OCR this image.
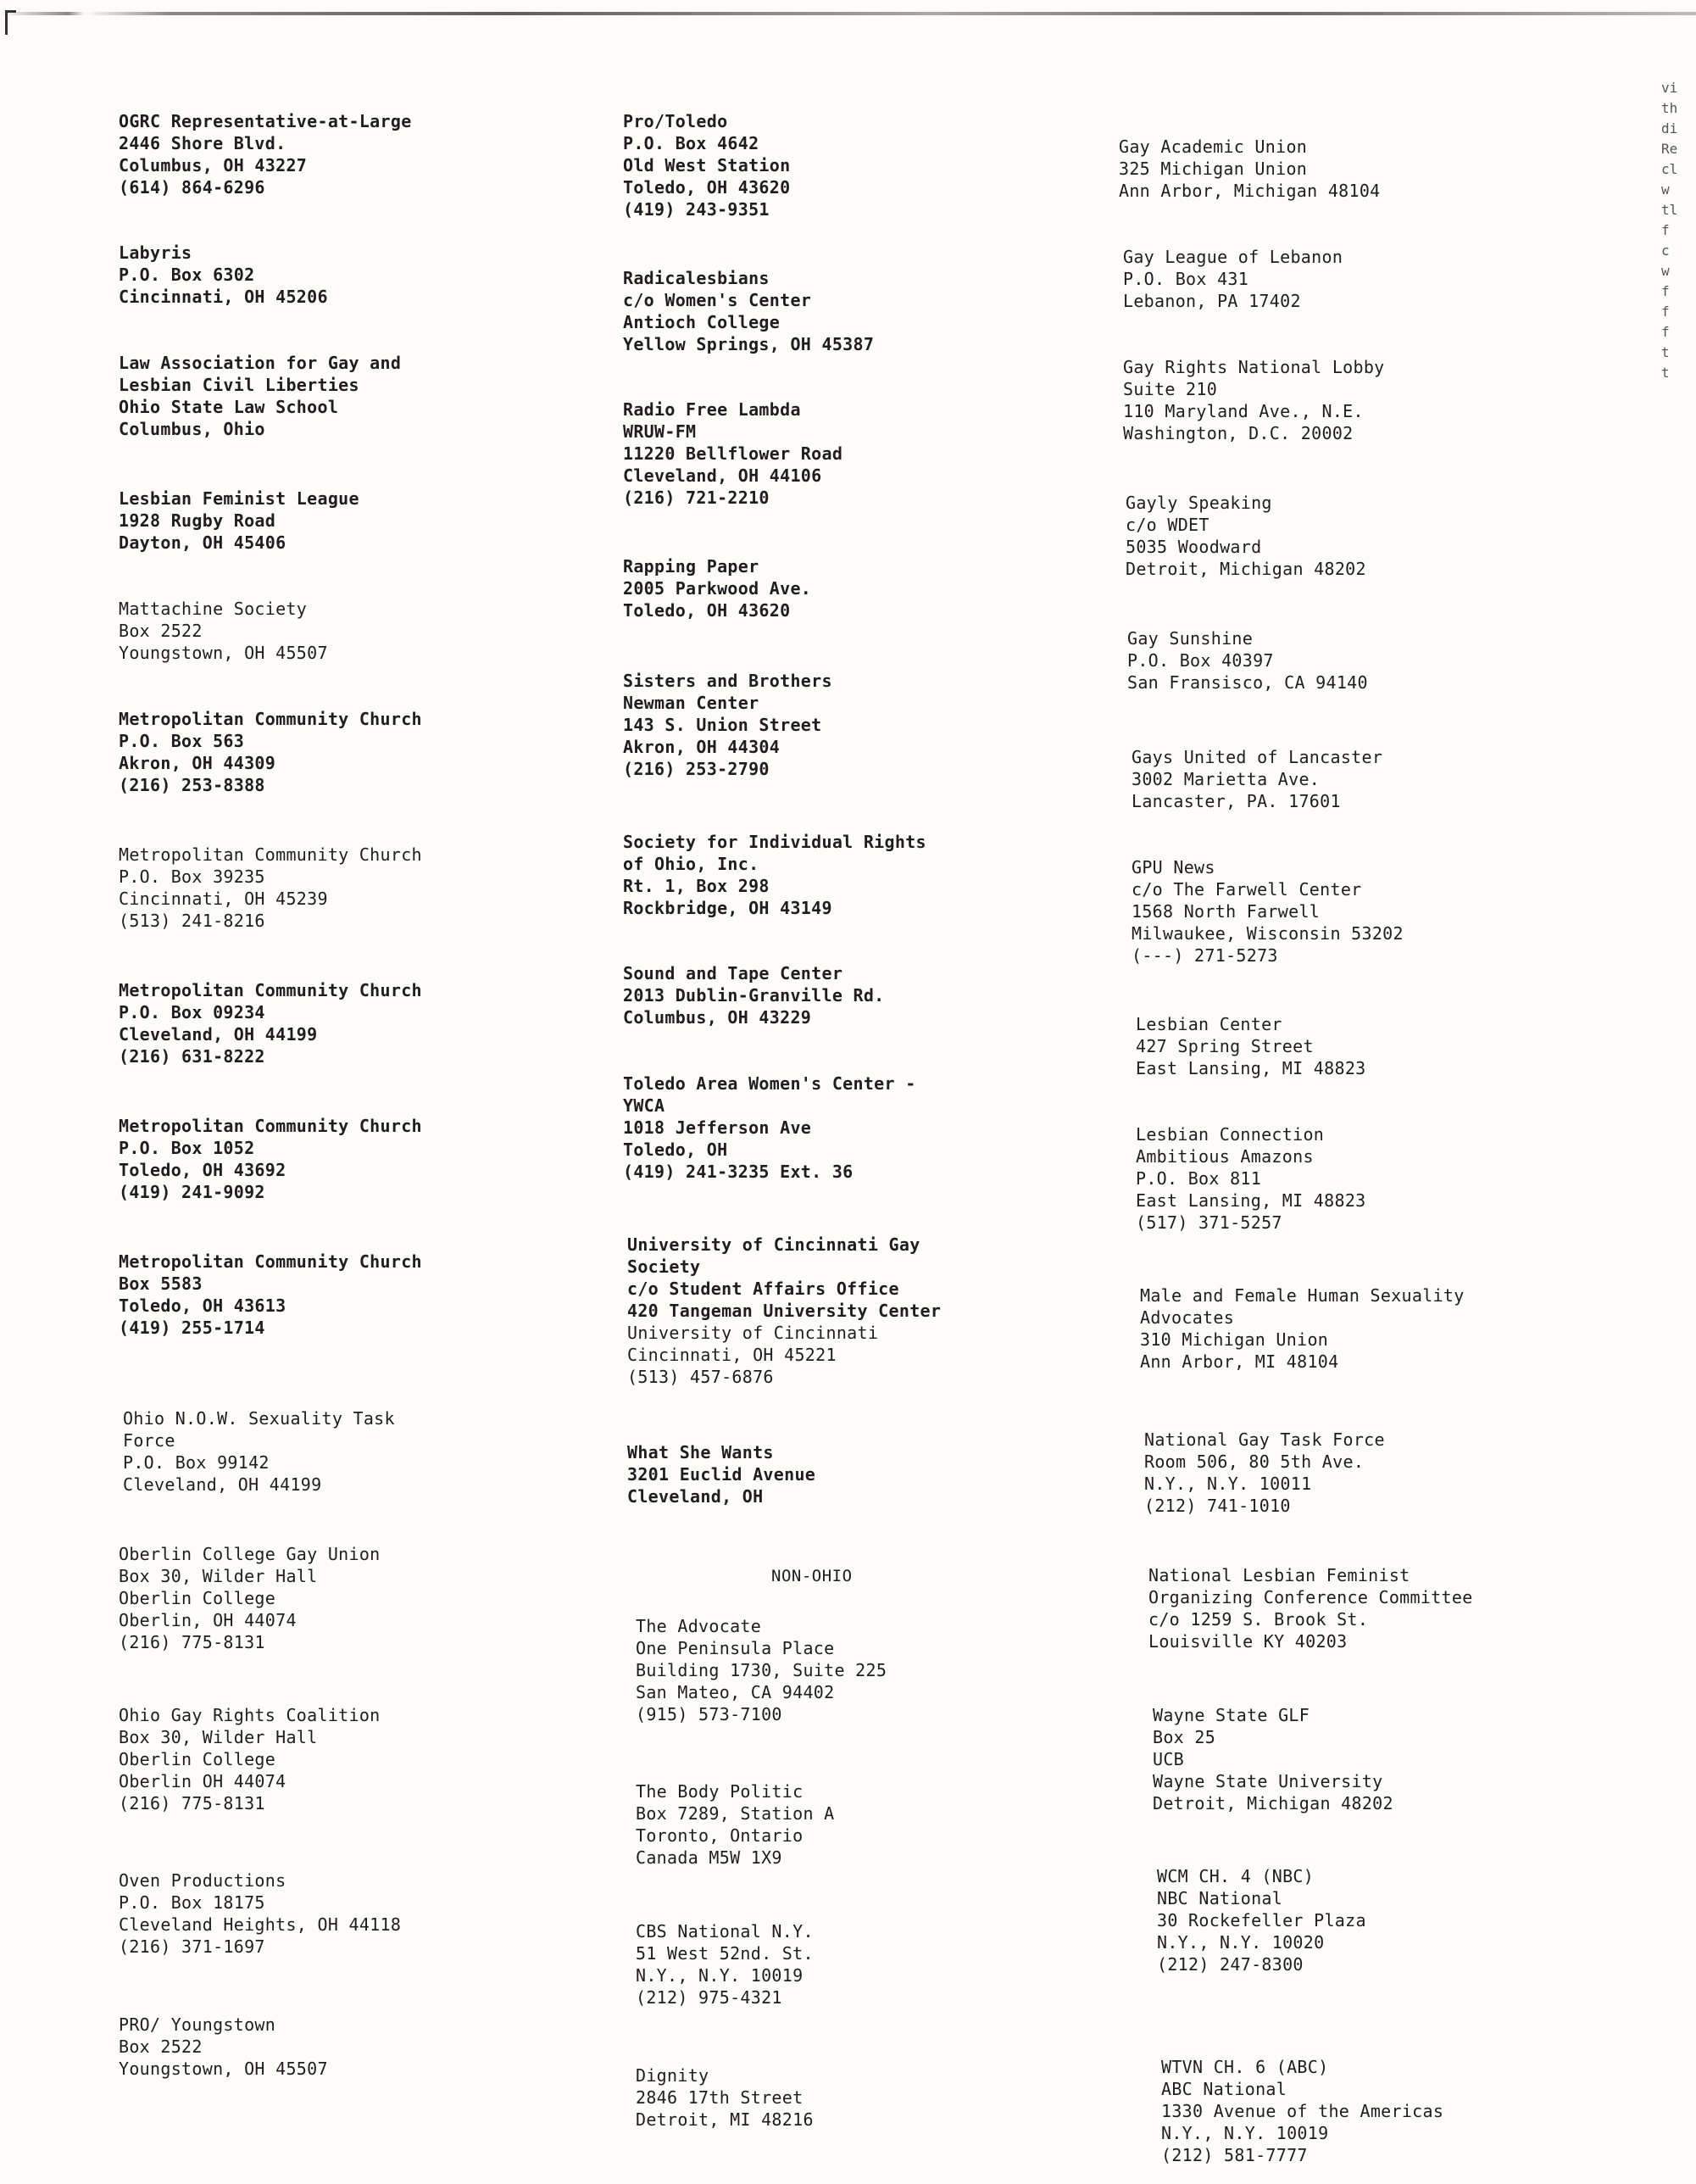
OGRC Representative-at-Large
2446 Shore Blvd.
Columbus, OH 43227
(614) 864-6296
Labyris
P.O. Box 6302
Cincinnati, OH 45206
Law Association for Gay and
Lesbian Civil Liberties
Ohio State Law School
Columbus, Ohio
Lesbian Feminist League
1928 Rugby Road
Dayton, OH 45406
Mattachine Society
Box 2522
Youngstown, OH 45507
Metropolitan Community Church
P.O. Box 563
Akron, OH 44309
(216) 253-8388
Metropolitan Community Church
P.O. Box 39235
Cincinnati, OH 45239
(513) 241-8216
Metropolitan Community Church
P.O. Box 09234
Cleveland, OH 44199
(216) 631-8222
Metropolitan Community Church
P.O. Box 1052
Toledo, OH 43692
(419) 241-9092
Metropolitan Community Church
Box 5583
Toledo, OH 43613
(419) 255-1714
Ohio N.O.W. Sexuality Task
Force
P.O. Box 99142
Cleveland, OH 44199
Oberlin College Gay Union
Box 30, Wilder Hall
Oberlin College
Oberlin, OH 44074
(216) 775-8131
Ohio Gay Rights Coalition
Box 30, Wilder Hall
Oberlin College
Oberlin OH 44074
(216) 775-8131
Oven Productions
P.O. Box 18175
Cleveland Heights, OH 44118
(216) 371-1697
PRO/ Youngstown
Box 2522
Youngstown, OH 45507
Pro/Toledo
P.O. Box 4642
Old West Station
Toledo, OH 43620
(419) 243-9351
Radicalesbians
c/o Women's Center
Antioch College
Yellow Springs, OH 45387
Radio Free Lambda
WRUW-FM
11220 Bellflower Road
Cleveland, OH 44106
(216) 721-2210
Rapping Paper
2005 Parkwood Ave.
Toledo, OH 43620
Sisters and Brothers
Newman Center
143 S. Union Street
Akron, OH 44304
(216) 253-2790
Society for Individual Rights
of Ohio, Inc.
Rt. 1, Box 298
Rockbridge, OH 43149
Sound and Tape Center
2013 Dublin-Granville Rd.
Columbus, OH 43229
Toledo Area Women's Center -
YWCA
1018 Jefferson Ave
Toledo, OH
(419) 241-3235 Ext. 36
University of Cincinnati Gay
Society
c/o Student Affairs Office
420 Tangeman University Center
University of Cincinnati
Cincinnati, OH 45221
(513) 457-6876
What She Wants
3201 Euclid Avenue
Cleveland, OH
The Advocate
One Peninsula Place
Building 1730, Suite 225
San Mateo, CA 94402
(915) 573-7100
The Body Politic
Box 7289, Station A
Toronto, Ontario
Canada M5W 1X9
CBS National N.Y.
51 West 52nd. St.
N.Y., N.Y. 10019
(212) 975-4321
Dignity
2846 17th Street
Detroit, MI 48216
Gay Academic Union
325 Michigan Union
Ann Arbor, Michigan 48104
Gay League of Lebanon
P.O. Box 431
Lebanon, PA 17402
Gay Rights National Lobby
Suite 210
110 Maryland Ave., N.E.
Washington, D.C. 20002
Gayly Speaking
c/o WDET
5035 Woodward
Detroit, Michigan 48202
Gay Sunshine
P.O. Box 40397
San Fransisco, CA 94140
Gays United of Lancaster
3002 Marietta Ave.
Lancaster, PA. 17601
GPU News
c/o The Farwell Center
1568 North Farwell
Milwaukee, Wisconsin 53202
(---) 271-5273
Lesbian Center
427 Spring Street
East Lansing, MI 48823
Lesbian Connection
Ambitious Amazons
P.O. Box 811
East Lansing, MI 48823
(517) 371-5257
Male and Female Human Sexuality
Advocates
310 Michigan Union
Ann Arbor, MI 48104
National Gay Task Force
Room 506, 80 5th Ave.
N.Y., N.Y. 10011
(212) 741-1010
National Lesbian Feminist
Organizing Conference Committee
c/o 1259 S. Brook St.
Louisville KY 40203
Wayne State GLF
Box 25
UCB
Wayne State University
Detroit, Michigan 48202
WCM CH. 4 (NBC)
NBC National
30 Rockefeller Plaza
N.Y., N.Y. 10020
(212) 247-8300
WTVN CH. 6 (ABC)
ABC National
1330 Avenue of the Americas
N.Y., N.Y. 10019
(212) 581-7777
NON-OHIO
vi
th
di
Re
cl
w
tl
f
c
w
f
f
f
t
t
